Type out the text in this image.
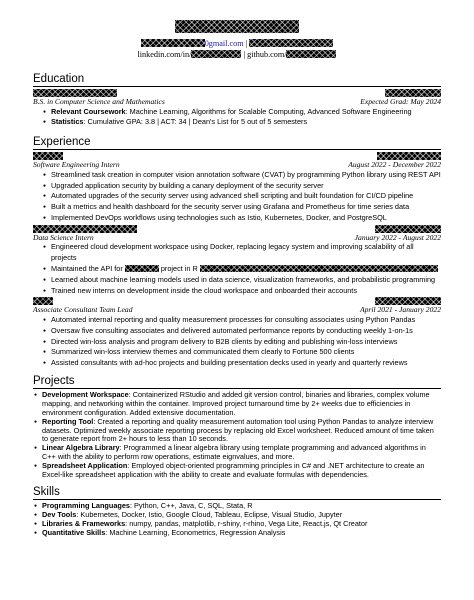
0gmail.com |
linkedin.com/in/	| github.com/
Education
B.S. in Computer Science and Mathematics	Expected Grad: May 2024
● Relevant Coursework: Machine Learning, Algorithms for Scalable Computing, Advanced Software Engineering
● Statistics: Cumulative GPA: 3.8 | ACT: 34 | Dean's List for 5 out of 5 semesters
Experience
Software Engineering Intern	August 2022 - December 2022
● Streamlined task creation in computer vision annotation software (CVAT) by programming Python library using REST API
● Upgraded application security by building a canary deployment of the security server
● Automated upgrades of the security server using advanced shell scripting and built foundation for CI/CD pipeline
● Built a metrics and health dashboard for the security server using Grafana and Prometheus for time series data
● Implemented DevOps workflows using technologies such as Istio, Kubernetes, Docker, and PostgreSQL
Data Science Intern	January 2022 - August 2022
● Engineered cloud development workspace using Docker, replacing legacy system and improving scalability of all projects
● Maintained the API for	project in R
● Learned about machine learning models used in data science, visualization frameworks, and probabilistic programming
● Trained new interns on development inside the cloud workspace and onboarded their accounts
Associate Consultant Team Lead	April 2021 - January 2022
● Automated internal reporting and quality measurement processes for consulting associates using Python Pandas
● Oversaw five consulting associates and delivered automated performance reports by conducting weekly 1-on-1s
● Directed win-loss analysis and program delivery to B2B clients by editing and publishing win-loss interviews
● Summarized win-loss interview themes and communicated them clearly to Fortune 500 clients
● Assisted consultants with ad-hoc projects and building presentation decks used in yearly and quarterly reviews
Projects
● Development Workspace: Containerized RStudio and added git version control, binaries and libraries, complex volume mapping, and networking within the container. Improved project turnaround time by 2+ weeks due to efficiencies in environment configuration. Added extensive documentation.
● Reporting Tool: Created a reporting and quality measurement automation tool using Python Pandas to analyze interview datasets. Optimized weekly associate reporting process by replacing old Excel worksheet. Reduced amount of time taken to generate report from 2+ hours to less than 10 seconds.
● Linear Algebra Library: Programmed a linear algebra library using template programming and advanced algorithms in C++ with the ability to perform row operations, estimate eignvalues, and more.
● Spreadsheet Application: Employed object-oriented programming principles in C# and .NET architecture to create an Excel-like spreadsheet application with the ability to create and evaluate formulas with dependencies.
Skills
● Programming Languages: Python, C++, Java, C, SQL, Stata, R
● Dev Tools: Kubernetes, Docker, Istio, Google Cloud, Tableau, Eclipse, Visual Studio, Jupyter
● Libraries & Frameworks: numpy, pandas, matplotlib, r-shiny, r-rhino, Vega Lite, React.js, Qt Creator
● Quantitative Skills: Machine Learning, Econometrics, Regression Analysis
